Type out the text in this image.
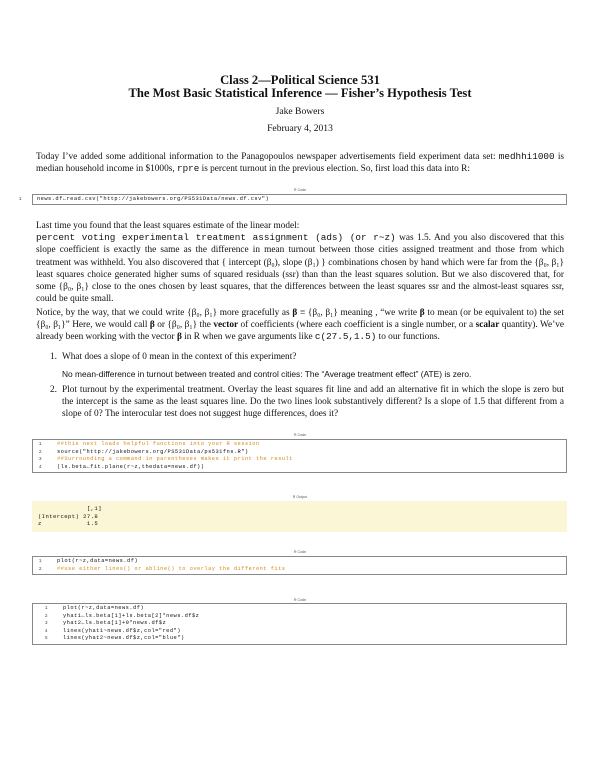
Class 2—Political Science 531
The Most Basic Statistical Inference — Fisher’s Hypothesis Test
Jake Bowers
February 4, 2013
Today I’ve added some additional information to the Panagopoulos newspaper advertisements field experiment data set: medhhi1000 is median household income in $1000s, rpre is percent turnout in the previous election. So, first load this data into R:
R Code
1	news.df←read.csv("http://jakebowers.org/PS531Data/news.df.csv")
Last time you found that the least squares estimate of the linear model:
percent voting experimental treatment assignment (ads) (or r~z) was 1.5. And you also discovered that this slope coefficient is exactly the same as the difference in mean turnout between those cities assigned treatment and those from which treatment was withheld. You also discovered that { intercept (β₀), slope (β₁) } combinations chosen by hand which were far from the {β₀, β₁} least squares choice generated higher sums of squared residuals (ssr) than than the least squares solution. But we also discovered that, for some {β₀, β₁} close to the ones chosen by least squares, that the differences between the least squares ssr and the almost-least squares ssr, could be quite small.
Notice, by the way, that we could write {β₀, β₁} more gracefully as β ≡ {β₀, β₁} meaning , “we write β to mean (or be equivalent to) the set {β₀, β₁}” Here, we would call β or {β₀, β₁} the vector of coefficients (where each coefficient is a single number, or a scalar quantity). We’ve already been working with the vector β in R when we gave arguments like c(27.5,1.5) to our functions.
1. What does a slope of 0 mean in the context of this experiment?
No mean-difference in turnout between treated and control cities: The “Average treatment effect” (ATE) is zero.
2. Plot turnout by the experimental treatment. Overlay the least squares fit line and add an alternative fit in which the slope is zero but the intercept is the same as the least squares line. Do the two lines look substantively different? Is a slope of 1.5 that different from a slope of 0? The interocular test does not suggest huge differences, does it?
R Code
1	##this next loads helpful functions into your R session
2	source("http://jakebowers.org/PS531Data/ps531fns.R")
3	##Surrounding a command in parentheses makes it print the result
4	(ls.beta←fit.plane(r~z,thedata=news.df))
R Output
[,1]
(Intercept) 27.8
z            1.5
R Code
1	plot(r~z,data=news.df)
2	##use either lines() or abline() to overlay the different fits
R Code
1	plot(r~z,data=news.df)
2	yhat1←ls.beta[1]+ls.beta[2]*news.df$z
3	yhat2←ls.beta[1]+0*news.df$z
4	lines(yhat1~news.df$z,col="red")
5	lines(yhat2~news.df$z,col="blue")
